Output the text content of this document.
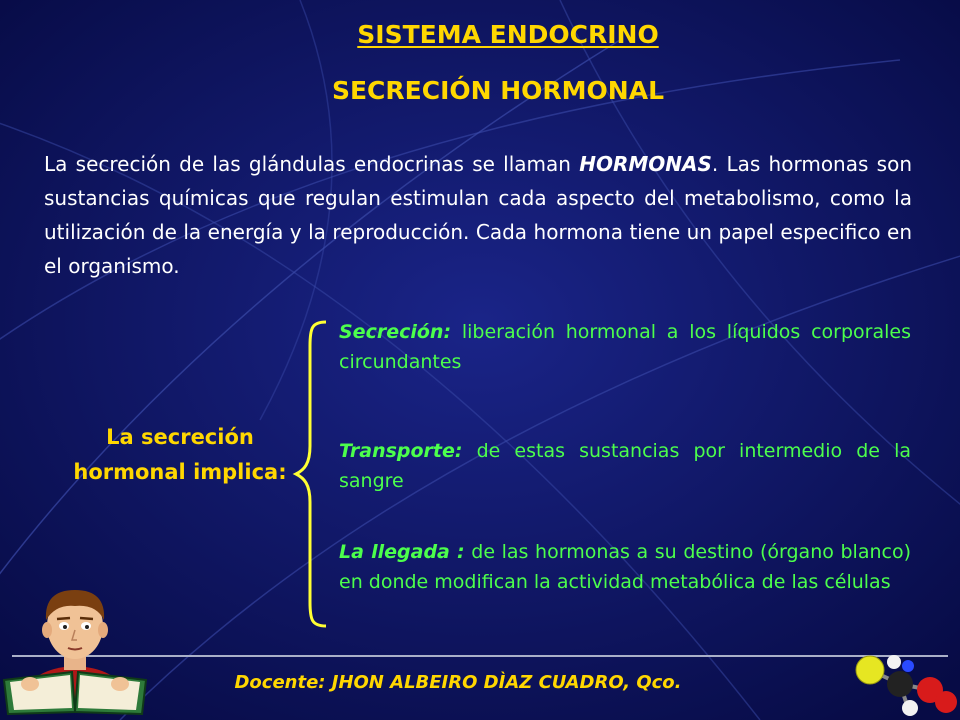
SISTEMA ENDOCRINO
SECRECIÓN HORMONAL
La secreción de las glándulas endocrinas se llaman HORMONAS. Las hormonas son sustancias químicas que regulan estimulan cada aspecto del metabolismo, como la utilización de la energía y la reproducción. Cada hormona tiene un papel especifico en el organismo.
La secreción hormonal implica:
Secreción: liberación hormonal a los líquidos corporales circundantes
Transporte: de estas sustancias por intermedio de la sangre
La llegada : de las hormonas a su destino (órgano blanco) en donde modifican la actividad metabólica de las células
Docente: JHON ALBEIRO DÌAZ CUADRO, Qco.
